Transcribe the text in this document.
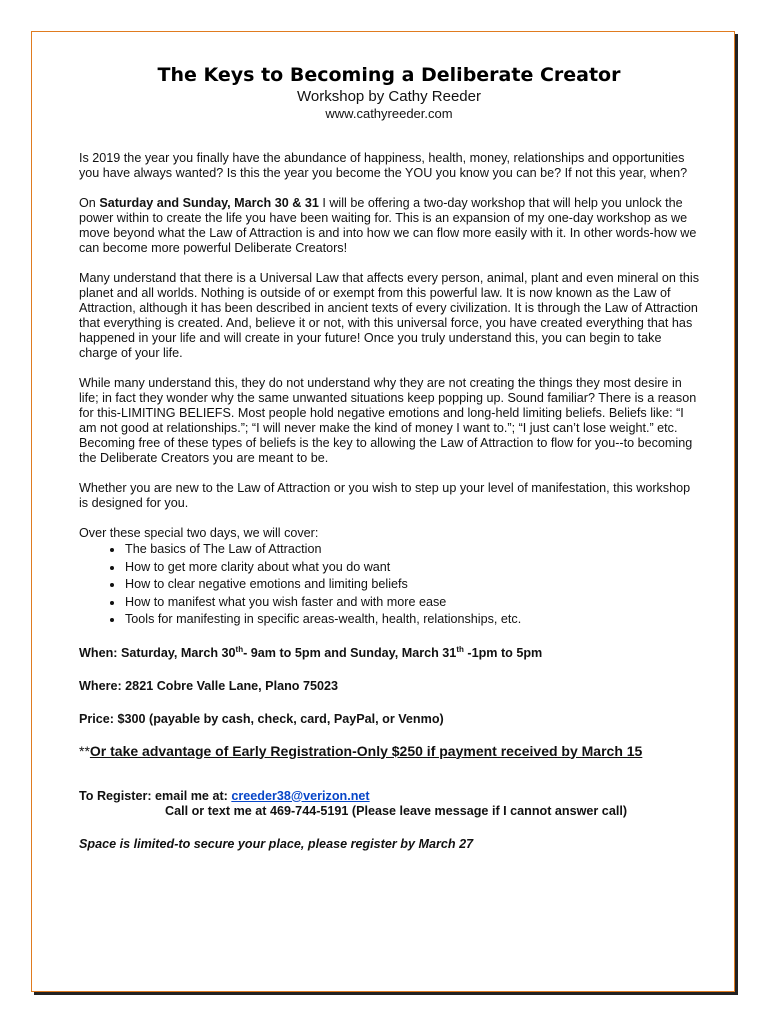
The Keys to Becoming a Deliberate Creator
Workshop by Cathy Reeder
www.cathyreeder.com

Is 2019 the year you finally have the abundance of happiness, health, money, relationships and opportunities you have always wanted? Is this the year you become the YOU you know you can be? If not this year, when?

On Saturday and Sunday, March 30 & 31 I will be offering a two-day workshop that will help you unlock the power within to create the life you have been waiting for. This is an expansion of my one-day workshop as we move beyond what the Law of Attraction is and into how we can flow more easily with it. In other words-how we can become more powerful Deliberate Creators!

Many understand that there is a Universal Law that affects every person, animal, plant and even mineral on this planet and all worlds. Nothing is outside of or exempt from this powerful law. It is now known as the Law of Attraction, although it has been described in ancient texts of every civilization. It is through the Law of Attraction that everything is created. And, believe it or not, with this universal force, you have created everything that has happened in your life and will create in your future! Once you truly understand this, you can begin to take charge of your life.

While many understand this, they do not understand why they are not creating the things they most desire in life; in fact they wonder why the same unwanted situations keep popping up. Sound familiar? There is a reason for this-LIMITING BELIEFS. Most people hold negative emotions and long-held limiting beliefs. Beliefs like: “I am not good at relationships.”; “I will never make the kind of money I want to.”; “I just can’t lose weight.” etc. Becoming free of these types of beliefs is the key to allowing the Law of Attraction to flow for you--to becoming the Deliberate Creators you are meant to be.

Whether you are new to the Law of Attraction or you wish to step up your level of manifestation, this workshop is designed for you.

Over these special two days, we will cover:

• The basics of The Law of Attraction
• How to get more clarity about what you do want
• How to clear negative emotions and limiting beliefs
• How to manifest what you wish faster and with more ease
• Tools for manifesting in specific areas-wealth, health, relationships, etc.

When: Saturday, March 30th- 9am to 5pm and Sunday, March 31th -1pm to 5pm

Where: 2821 Cobre Valle Lane, Plano 75023

Price: $300 (payable by cash, check, card, PayPal, or Venmo)

**Or take advantage of Early Registration-Only $250 if payment received by March 15

To Register: email me at: creeder38@verizon.net

Call or text me at 469-744-5191 (Please leave message if I cannot answer call)

Space is limited-to secure your place, please register by March 27
